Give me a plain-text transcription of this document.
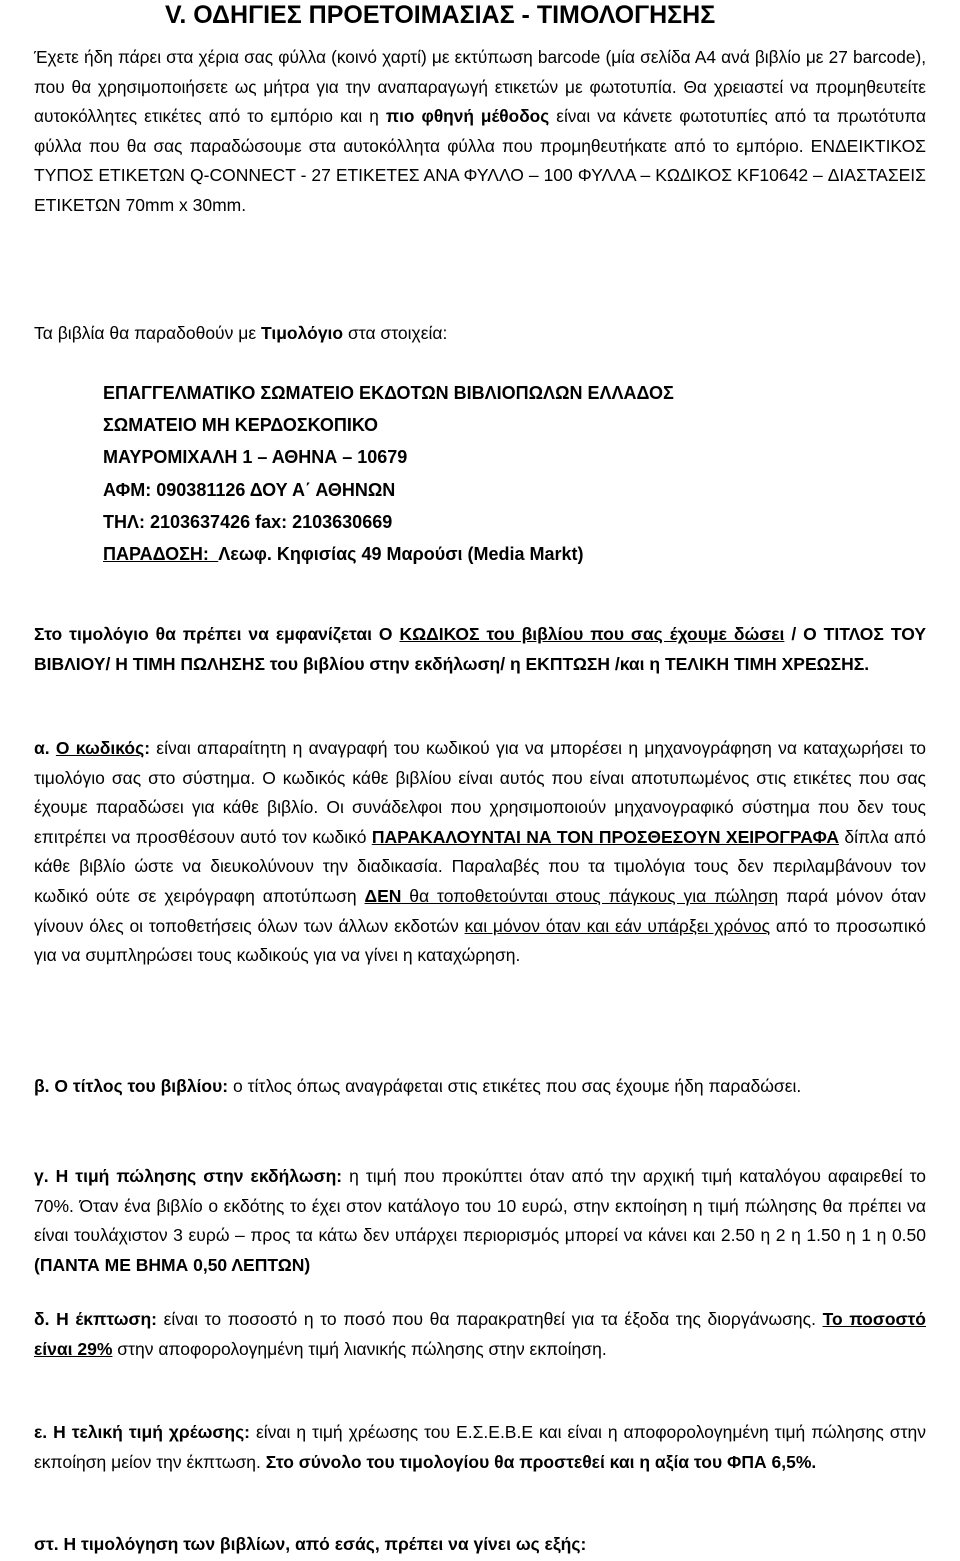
V. ΟΔΗΓΙΕΣ ΠΡΟΕΤΟΙΜΑΣΙΑΣ - ΤΙΜΟΛΟΓΗΣΗΣ

Έχετε ήδη πάρει στα χέρια σας φύλλα (κοινό χαρτί) με εκτύπωση barcode (μία σελίδα Α4 ανά βιβλίο με 27 barcode), που θα χρησιμοποιήσετε ως μήτρα για την αναπαραγωγή ετικετών με φωτοτυπία. Θα χρειαστεί να προμηθευτείτε αυτοκόλλητες ετικέτες από το εμπόριο και η πιο φθηνή μέθοδος είναι να κάνετε φωτοτυπίες από τα πρωτότυπα φύλλα που θα σας παραδώσουμε στα αυτοκόλλητα φύλλα που προμηθευτήκατε από το εμπόριο. ΕΝΔΕΙΚΤΙΚΟΣ ΤΥΠΟΣ ΕΤΙΚΕΤΩΝ Q-CONNECT - 27 ΕΤΙΚΕΤΕΣ ΑΝΑ ΦΥΛΛΟ – 100 ΦΥΛΛΑ – ΚΩΔΙΚΟΣ KF10642 – ΔΙΑΣΤΑΣΕΙΣ ΕΤΙΚΕΤΩΝ 70mm x 30mm.

Τα βιβλία θα παραδοθούν με Τιμολόγιο στα στοιχεία:

ΕΠΑΓΓΕΛΜΑΤΙΚΟ ΣΩΜΑΤΕΙΟ ΕΚΔΟΤΩΝ ΒΙΒΛΙΟΠΩΛΩΝ ΕΛΛΑΔΟΣ
ΣΩΜΑΤΕΙΟ ΜΗ ΚΕΡΔΟΣΚΟΠΙΚΟ
ΜΑΥΡΟΜΙΧΑΛΗ 1 – ΑΘΗΝΑ – 10679
ΑΦΜ: 090381126 ΔΟΥ Α΄ ΑΘΗΝΩΝ
ΤΗΛ: 2103637426 fax: 2103630669
ΠΑΡΑΔΟΣΗ:  Λεωφ. Κηφισίας 49 Μαρούσι (Media Markt)

Στο τιμολόγιο θα πρέπει να εμφανίζεται Ο ΚΩΔΙΚΟΣ του βιβλίου που σας έχουμε δώσει / Ο ΤΙΤΛΟΣ ΤΟΥ ΒΙΒΛΙΟΥ/ Η ΤΙΜΗ ΠΩΛΗΣΗΣ του βιβλίου στην εκδήλωση/ η ΕΚΠΤΩΣΗ /και η ΤΕΛΙΚΗ ΤΙΜΗ ΧΡΕΩΣΗΣ.

α. Ο κωδικός: είναι απαραίτητη η αναγραφή του κωδικού για να μπορέσει η μηχανογράφηση να καταχωρήσει το τιμολόγιο σας στο σύστημα. Ο κωδικός κάθε βιβλίου είναι αυτός που είναι αποτυπωμένος στις ετικέτες που σας έχουμε παραδώσει για κάθε βιβλίο. Οι συνάδελφοι που χρησιμοποιούν μηχανογραφικό σύστημα που δεν τους επιτρέπει να προσθέσουν αυτό τον κωδικό ΠΑΡΑΚΑΛΟΥΝΤΑΙ ΝΑ ΤΟΝ ΠΡΟΣΘΕΣΟΥΝ ΧΕΙΡΟΓΡΑΦΑ δίπλα από κάθε βιβλίο ώστε να διευκολύνουν την διαδικασία. Παραλαβές που τα τιμολόγια τους δεν περιλαμβάνουν τον κωδικό ούτε σε χειρόγραφη αποτύπωση ΔΕΝ θα τοποθετούνται στους πάγκους για πώληση παρά μόνον όταν γίνουν όλες οι τοποθετήσεις όλων των άλλων εκδοτών και μόνον όταν και εάν υπάρξει χρόνος από το προσωπικό για να συμπληρώσει τους κωδικούς για να γίνει η καταχώρηση.

β. Ο τίτλος του βιβλίου: ο τίτλος όπως αναγράφεται στις ετικέτες που σας έχουμε ήδη παραδώσει.

γ. Η τιμή πώλησης στην εκδήλωση: η τιμή που προκύπτει όταν από την αρχική τιμή καταλόγου αφαιρεθεί το 70%. Όταν ένα βιβλίο ο εκδότης το έχει στον κατάλογο του 10 ευρώ, στην εκποίηση η τιμή πώλησης θα πρέπει να είναι τουλάχιστον 3 ευρώ – προς τα κάτω δεν υπάρχει περιορισμός μπορεί να κάνει και 2.50 η 2 η 1.50 η 1 η 0.50 (ΠΑΝΤΑ ΜΕ ΒΗΜΑ 0,50 ΛΕΠΤΩΝ)

δ. Η έκπτωση: είναι το ποσοστό η το ποσό που θα παρακρατηθεί για τα έξοδα της διοργάνωσης. Το ποσοστό είναι 29% στην αποφορολογημένη τιμή λιανικής πώλησης στην εκποίηση.

ε. Η τελική τιμή χρέωσης: είναι η τιμή χρέωσης του Ε.Σ.Ε.Β.Ε και είναι η αποφορολογημένη τιμή πώλησης στην εκποίηση μείον την έκπτωση. Στο σύνολο του τιμολογίου θα προστεθεί και η αξία του ΦΠΑ 6,5%.

στ. Η τιμολόγηση των βιβλίων, από εσάς, πρέπει να γίνει ως εξής:
